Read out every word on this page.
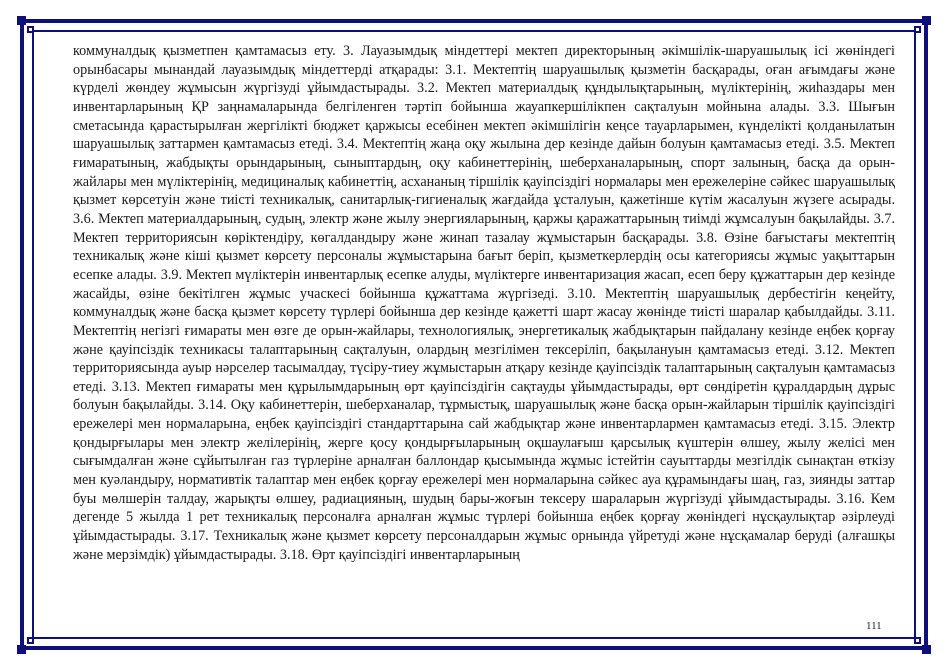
коммуналдық қызметпен қамтамасыз ету. 3. Лауазымдық міндеттері мектеп директорының әкімшілік-шаруашылық ісі жөніндегі орынбасары мынандай лауазымдық міндеттерді атқарады: 3.1. Мектептің шаруашылық қызметін басқарады, оған ағымдағы және күрделі жөндеу жұмысын жүргізуді ұйымдастырады. 3.2. Мектеп материалдық құндылықтарының, мүліктерінің, жиһаздары мен инвентарларының ҚР заңнамаларында белгіленген тәртіп бойынша жауапкершілікпен сақталуын мойнына алады. 3.3. Шығын сметасында қарастырылған жергілікті бюджет қаржысы есебінен мектеп әкімшілігін кеңсе тауарларымен, күнделікті қолданылатын шаруашылық заттармен қамтамасыз етеді. 3.4. Мектептің жаңа оқу жылына дер кезінде дайын болуын қамтамасыз етеді. 3.5. Мектеп ғимаратының, жабдықты орындарының, сыныптардың, оқу кабинеттерінің, шеберханаларының, спорт залының, басқа да орын-жайлары мен мүліктерінің, медициналық кабинеттің, асхананың тіршілік қауіпсіздігі нормалары мен ережелеріне сәйкес шаруашылық қызмет көрсетуін және тиісті техникалық, санитарлық-гигиеналық жағдайда ұсталуын, қажетінше күтім жасалуын жүзеге асырады. 3.6. Мектеп материалдарының, судың, электр және жылу энергияларының, қаржы қаражаттарының тиімді жұмсалуын бақылайды. 3.7. Мектеп территориясын көріктендіру, көгалдандыру және жинап тазалау жұмыстарын басқарады. 3.8. Өзіне бағыстағы мектептің техникалық және кіші қызмет көрсету персоналы жұмыстарына бағыт беріп, қызметкерлердің осы категориясы жұмыс уақыттарын есепке алады. 3.9. Мектеп мүліктерін инвентарлық есепке алуды, мүліктерге инвентаризация жасап, есеп беру құжаттарын дер кезінде жасайды, өзіне бекітілген жұмыс учаскесі бойынша құжаттама жүргізеді. 3.10. Мектептің шаруашылық дербестігін кеңейту, коммуналдық және басқа қызмет көрсету түрлері бойынша дер кезінде қажетті шарт жасау жөнінде тиісті шаралар қабылдайды. 3.11. Мектептің негізгі ғимараты мен өзге де орын-жайлары, технологиялық, энергетикалық жабдықтарын пайдалану кезінде еңбек қорғау және қауіпсіздік техникасы талаптарының сақталуын, олардың мезгілімен тексеріліп, бақылануын қамтамасыз етеді. 3.12. Мектеп территориясында ауыр нәрселер тасымалдау, түсіру-тиеу жұмыстарын атқару кезінде қауіпсіздік талаптарының сақталуын қамтамасыз етеді. 3.13. Мектеп ғимараты мен құрылымдарының өрт қауіпсіздігін сақтауды ұйымдастырады, өрт сөндіретін құралдардың дұрыс болуын бақылайды. 3.14. Оқу кабинеттерін, шеберханалар, тұрмыстық, шаруашылық және басқа орын-жайларын тіршілік қауіпсіздігі ережелері мен нормаларына, еңбек қауіпсіздігі стандарттарына сай жабдықтар және инвентарлармен қамтамасыз етеді. 3.15. Электр қондырғылары мен электр желілерінің, жерге қосу қондырғыларының оқшаулағыш қарсылық күштерін өлшеу, жылу желісі мен сығымдалған және сұйытылған газ түрлеріне арналған баллондар қысымында жұмыс істейтін сауыттарды мезгілдік сынақтан өткізу мен куәландыру, нормативтік талаптар мен еңбек қорғау ережелері мен нормаларына сәйкес ауа құрамындағы шаң, газ, зиянды заттар буы мөлшерін талдау, жарықты өлшеу, радиацияның, шудың бары-жоғын тексеру шараларын жүргізуді ұйымдастырады. 3.16. Кем дегенде 5 жылда 1 рет техникалық персоналға арналған жұмыс түрлері бойынша еңбек қорғау жөніндегі нұсқаулықтар әзірлеуді ұйымдастырады. 3.17. Техникалық және қызмет көрсету персоналдарын жұмыс орнында үйретуді және нұсқамалар беруді (алғашқы және мерзімдік) ұйымдастырады. 3.18. Өрт қауіпсіздігі инвентарларының

111
